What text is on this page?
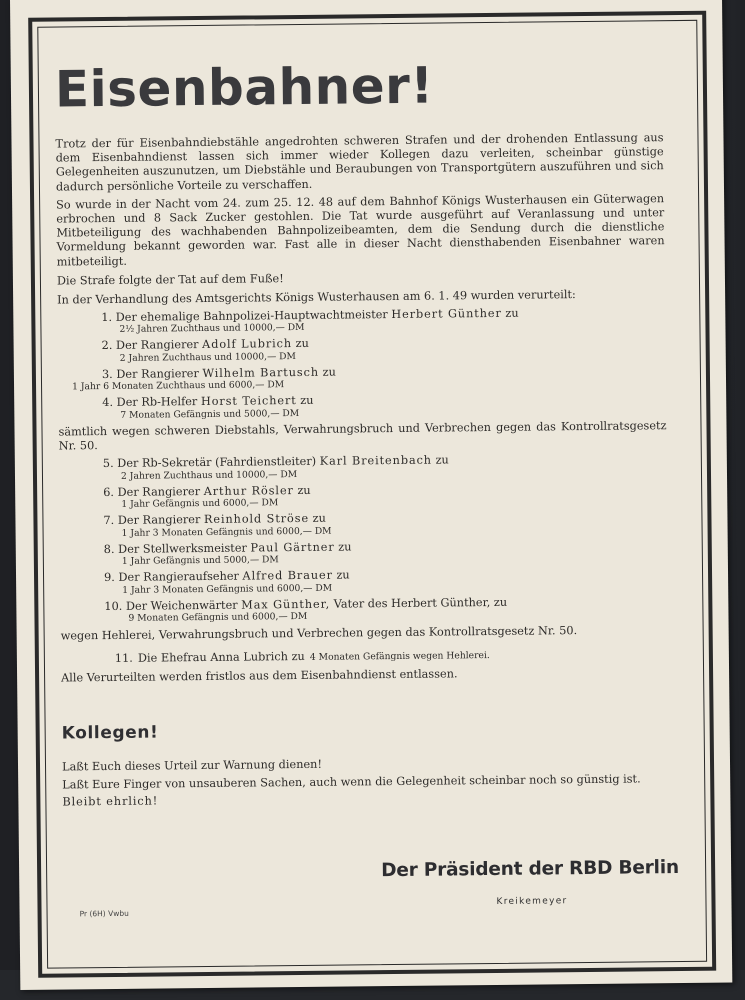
Eisenbahner!

Trotz der für Eisenbahndiebstähle angedrohten schweren Strafen und der drohenden Entlassung aus dem Eisenbahndienst lassen sich immer wieder Kollegen dazu verleiten, scheinbar günstige Gelegenheiten auszunutzen, um Diebstähle und Beraubungen von Transportgütern auszuführen und sich dadurch persönliche Vorteile zu verschaffen.

So wurde in der Nacht vom 24. zum 25. 12. 48 auf dem Bahnhof Königs Wusterhausen ein Güterwagen erbrochen und 8 Sack Zucker gestohlen. Die Tat wurde ausgeführt auf Veranlassung und unter Mitbeteiligung des wachhabenden Bahnpolizeibeamten, dem die Sendung durch die dienstliche Vormeldung bekannt geworden war. Fast alle in dieser Nacht diensthabenden Eisenbahner waren mitbeteiligt.

Die Strafe folgte der Tat auf dem Fuße!

In der Verhandlung des Amtsgerichts Königs Wusterhausen am 6. 1. 49 wurden verurteilt:

1. Der ehemalige Bahnpolizei-Hauptwachtmeister Herbert Günther zu
2½ Jahren Zuchthaus und 10000,— DM
2. Der Rangierer Adolf Lubrich zu
2 Jahren Zuchthaus und 10000,— DM
3. Der Rangierer Wilhelm Bartusch zu
1 Jahr 6 Monaten Zuchthaus und 6000,— DM
4. Der Rb-Helfer Horst Teichert zu
7 Monaten Gefängnis und 5000,— DM

sämtlich wegen schweren Diebstahls, Verwahrungsbruch und Verbrechen gegen das Kontrollratsgesetz Nr. 50.

5. Der Rb-Sekretär (Fahrdienstleiter) Karl Breitenbach zu
2 Jahren Zuchthaus und 10000,— DM
6. Der Rangierer Arthur Rösler zu
1 Jahr Gefängnis und 6000,— DM
7. Der Rangierer Reinhold Ströse zu
1 Jahr 3 Monaten Gefängnis und 6000,— DM
8. Der Stellwerksmeister Paul Gärtner zu
1 Jahr Gefängnis und 5000,— DM
9. Der Rangieraufseher Alfred Brauer zu
1 Jahr 3 Monaten Gefängnis und 6000,— DM
10. Der Weichenwärter Max Günther, Vater des Herbert Günther, zu
9 Monaten Gefängnis und 6000,— DM

wegen Hehlerei, Verwahrungsbruch und Verbrechen gegen das Kontrollratsgesetz Nr. 50.

11. Die Ehefrau Anna Lubrich zu 4 Monaten Gefängnis wegen Hehlerei.

Alle Verurteilten werden fristlos aus dem Eisenbahndienst entlassen.

Kollegen!

Laßt Euch dieses Urteil zur Warnung dienen!

Laßt Eure Finger von unsauberen Sachen, auch wenn die Gelegenheit scheinbar noch so günstig ist.

Bleibt ehrlich!

Der Präsident der RBD Berlin
Kreikemeyer
Pr (6H) Vwbu
